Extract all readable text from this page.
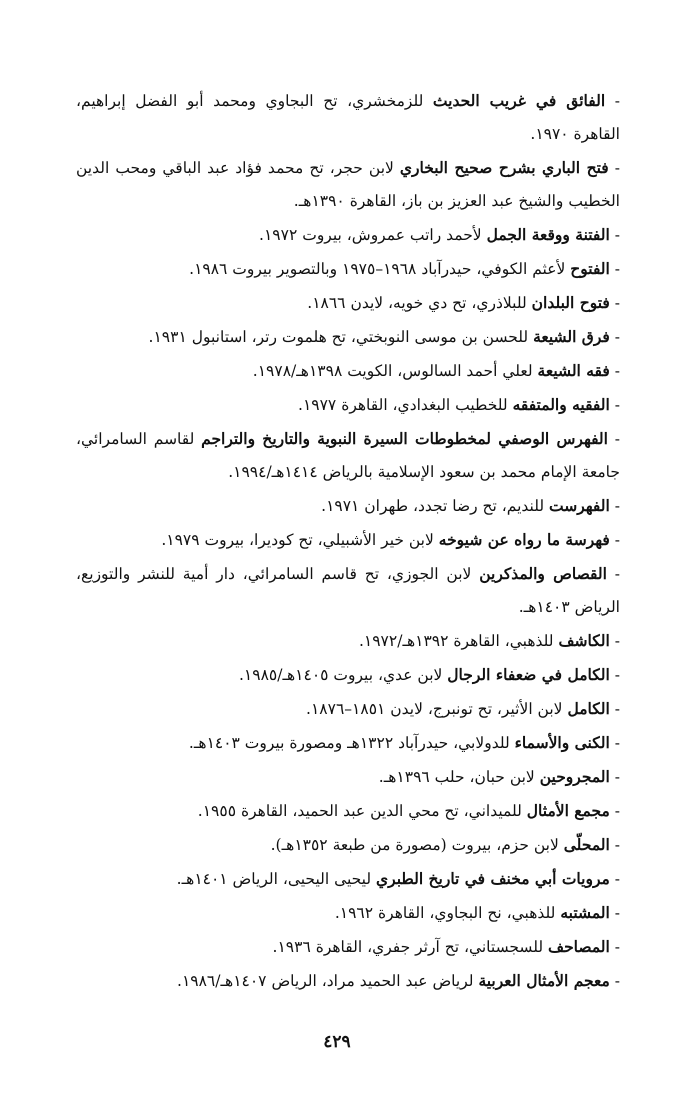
- الفائق في غريب الحديث للزمخشري، تح البجاوي ومحمد أبو الفضل إبراهيم، القاهرة ١٩٧٠.

- فتح الباري بشرح صحيح البخاري لابن حجر، تح محمد فؤاد عبد الباقي ومحب الدين الخطيب والشيخ عبد العزيز بن باز، القاهرة ١٣٩٠هـ.

- الفتنة ووقعة الجمل لأحمد راتب عمروش، بيروت ١٩٧٢.

- الفتوح لأعثم الكوفي، حيدرآباد ١٩٦٨–١٩٧٥ وبالتصوير بيروت ١٩٨٦.

- فتوح البلدان للبلاذري، تح دي خويه، لايدن ١٨٦٦.

- فرق الشيعة للحسن بن موسى النوبختي، تح هلموت رتر، استانبول ١٩٣١.

- فقه الشيعة لعلي أحمد السالوس، الكويت ١٣٩٨هـ/١٩٧٨.

- الفقيه والمتفقه للخطيب البغدادي، القاهرة ١٩٧٧.

- الفهرس الوصفي لمخطوطات السيرة النبوية والتاريخ والتراجم لقاسم السامرائي، جامعة الإمام محمد بن سعود الإسلامية بالرياض ١٤١٤هـ/١٩٩٤.

- الفهرست للنديم، تح رضا تجدد، طهران ١٩٧١.

- فهرسة ما رواه عن شيوخه لابن خير الأشبيلي، تح كوديرا، بيروت ١٩٧٩.

- القصاص والمذكرين لابن الجوزي، تح قاسم السامرائي، دار أمية للنشر والتوزيع، الرياض ١٤٠٣هـ.

- الكاشف للذهبي، القاهرة ١٣٩٢هـ/١٩٧٢.

- الكامل في ضعفاء الرجال لابن عدي، بيروت ١٤٠٥هـ/١٩٨٥.

- الكامل لابن الأثير، تح تونبرج، لايدن ١٨٥١–١٨٧٦.

- الكنى والأسماء للدولابي، حيدرآباد ١٣٢٢هـ ومصورة بيروت ١٤٠٣هـ.

- المجروحين لابن حبان، حلب ١٣٩٦هـ.

- مجمع الأمثال للميداني، تح محي الدين عبد الحميد، القاهرة ١٩٥٥.

- المحلّى لابن حزم، بيروت (مصورة من طبعة ١٣٥٢هـ).

- مرويات أبي مخنف في تاريخ الطبري ليحيى اليحيى، الرياض ١٤٠١هـ.

- المشتبه للذهبي، نح البجاوي، القاهرة ١٩٦٢.

- المصاحف للسجستاني، تح آرثر جفري، القاهرة ١٩٣٦.

- معجم الأمثال العربية لرياض عبد الحميد مراد، الرياض ١٤٠٧هـ/١٩٨٦.

٤٢٩
